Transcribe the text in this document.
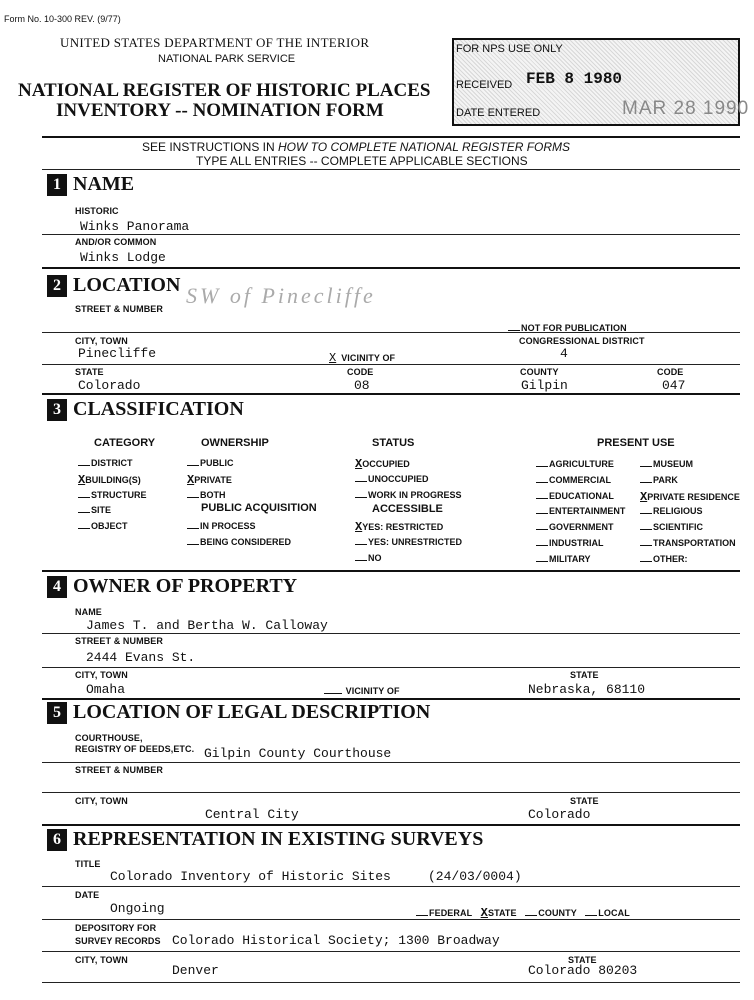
Form No. 10-300 REV. (9/77)
UNITED STATES DEPARTMENT OF THE INTERIOR
NATIONAL PARK SERVICE
NATIONAL REGISTER OF HISTORIC PLACES
INVENTORY -- NOMINATION FORM
FOR NPS USE ONLY
RECEIVED FEB 8 1980
DATE ENTERED	MAR 28 1990
SEE INSTRUCTIONS IN HOW TO COMPLETE NATIONAL REGISTER FORMS
TYPE ALL ENTRIES -- COMPLETE APPLICABLE SECTIONS
1 NAME
HISTORIC
Winks Panorama
AND/OR COMMON
Winks Lodge
2 LOCATION
STREET & NUMBER
SW of Pinecliffe
NOT FOR PUBLICATION
CITY, TOWN
Pinecliffe	X VICINITY OF
CONGRESSIONAL DISTRICT
4
STATE
Colorado
CODE
08
COUNTY
Gilpin
CODE
047
3 CLASSIFICATION
CATEGORY	OWNERSHIP	STATUS	PRESENT USE
PUBLIC ACQUISITION	ACCESSIBLE
DISTRICT
XBUILDING(S)
STRUCTURE
SITE
OBJECT
PUBLIC
XPRIVATE
BOTH
IN PROCESS
BEING CONSIDERED
XOCCUPIED
UNOCCUPIED
WORK IN PROGRESS
XYES: RESTRICTED
YES: UNRESTRICTED
NO
AGRICULTURE
COMMERCIAL
EDUCATIONAL
ENTERTAINMENT
GOVERNMENT
INDUSTRIAL
MILITARY
MUSEUM
PARK
XPRIVATE RESIDENCE
RELIGIOUS
SCIENTIFIC
TRANSPORTATION
OTHER:
4 OWNER OF PROPERTY
NAME
James T. and Bertha W. Calloway
STREET & NUMBER
2444 Evans St.
CITY, TOWN
Omaha	VICINITY OF
STATE
Nebraska, 68110
5 LOCATION OF LEGAL DESCRIPTION
COURTHOUSE,
REGISTRY OF DEEDS,ETC. Gilpin County Courthouse
STREET & NUMBER
CITY, TOWN
Central City
STATE
Colorado
6 REPRESENTATION IN EXISTING SURVEYS
TITLE
Colorado Inventory of Historic Sites	(24/03/0004)
DATE
Ongoing	FEDERAL XSTATE COUNTY LOCAL
DEPOSITORY FOR
SURVEY RECORDS Colorado Historical Society; 1300 Broadway
CITY, TOWN
Denver
STATE
Colorado 80203
